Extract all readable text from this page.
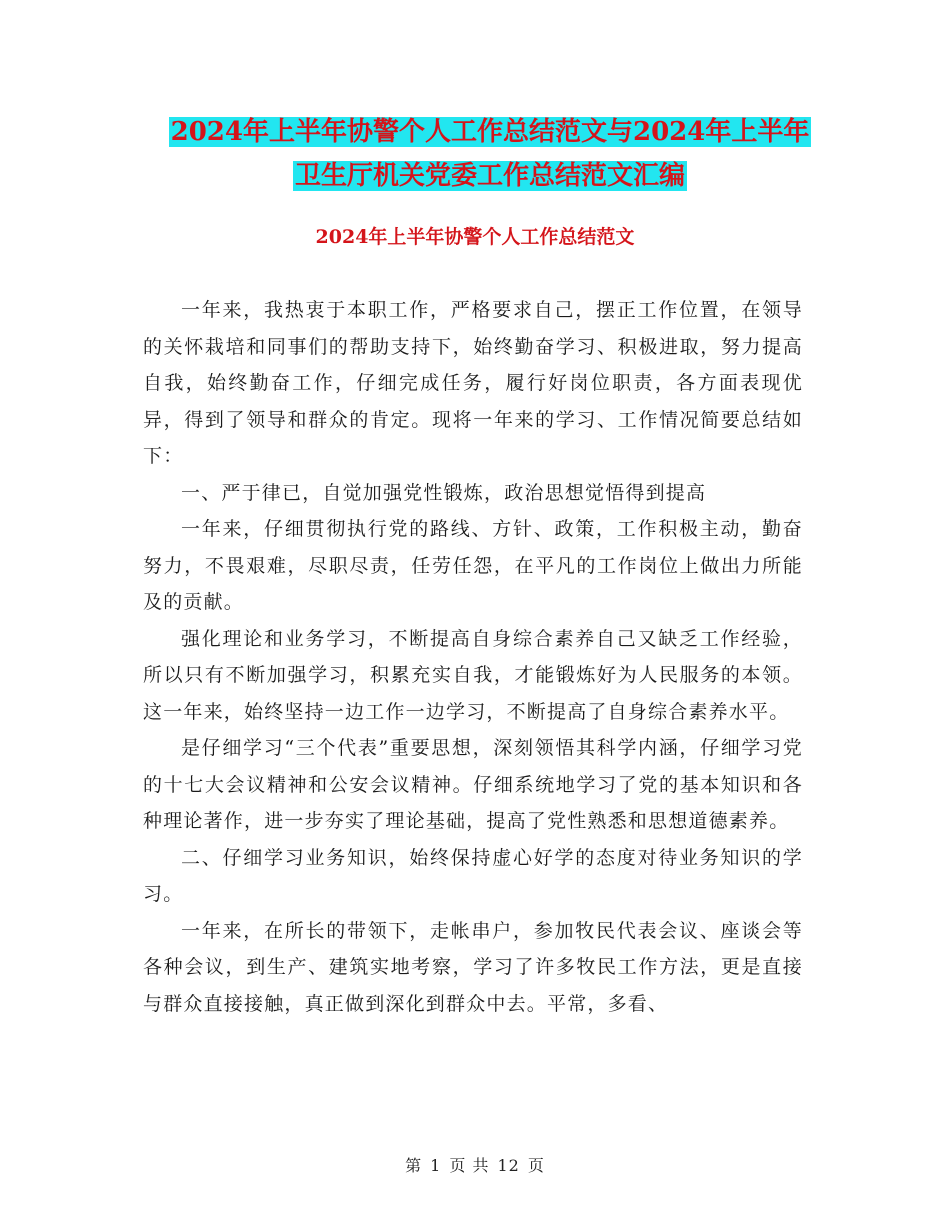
2024年上半年协警个人工作总结范文与2024年上半年
卫生厅机关党委工作总结范文汇编
2024年上半年协警个人工作总结范文

一年来，我热衷于本职工作，严格要求自己，摆正工作位置，在领导的关怀栽培和同事们的帮助支持下，始终勤奋学习、积极进取，努力提高自我，始终勤奋工作，仔细完成任务，履行好岗位职责，各方面表现优异，得到了领导和群众的肯定。现将一年来的学习、工作情况简要总结如下：

一、严于律已，自觉加强党性锻炼，政治思想觉悟得到提高

一年来，仔细贯彻执行党的路线、方针、政策，工作积极主动，勤奋努力，不畏艰难，尽职尽责，任劳任怨，在平凡的工作岗位上做出力所能及的贡献。

强化理论和业务学习，不断提高自身综合素养自己又缺乏工作经验，所以只有不断加强学习，积累充实自我，才能锻炼好为人民服务的本领。这一年来，始终坚持一边工作一边学习，不断提高了自身综合素养水平。

是仔细学习“三个代表”重要思想，深刻领悟其科学内涵，仔细学习党的十七大会议精神和公安会议精神。仔细系统地学习了党的基本知识和各种理论著作，进一步夯实了理论基础，提高了党性熟悉和思想道德素养。

二、仔细学习业务知识，始终保持虚心好学的态度对待业务知识的学习。

一年来，在所长的带领下，走帐串户，参加牧民代表会议、座谈会等各种会议，到生产、建筑实地考察，学习了许多牧民工作方法，更是直接与群众直接接触，真正做到深化到群众中去。平常，多看、

第 1 页 共 12 页
